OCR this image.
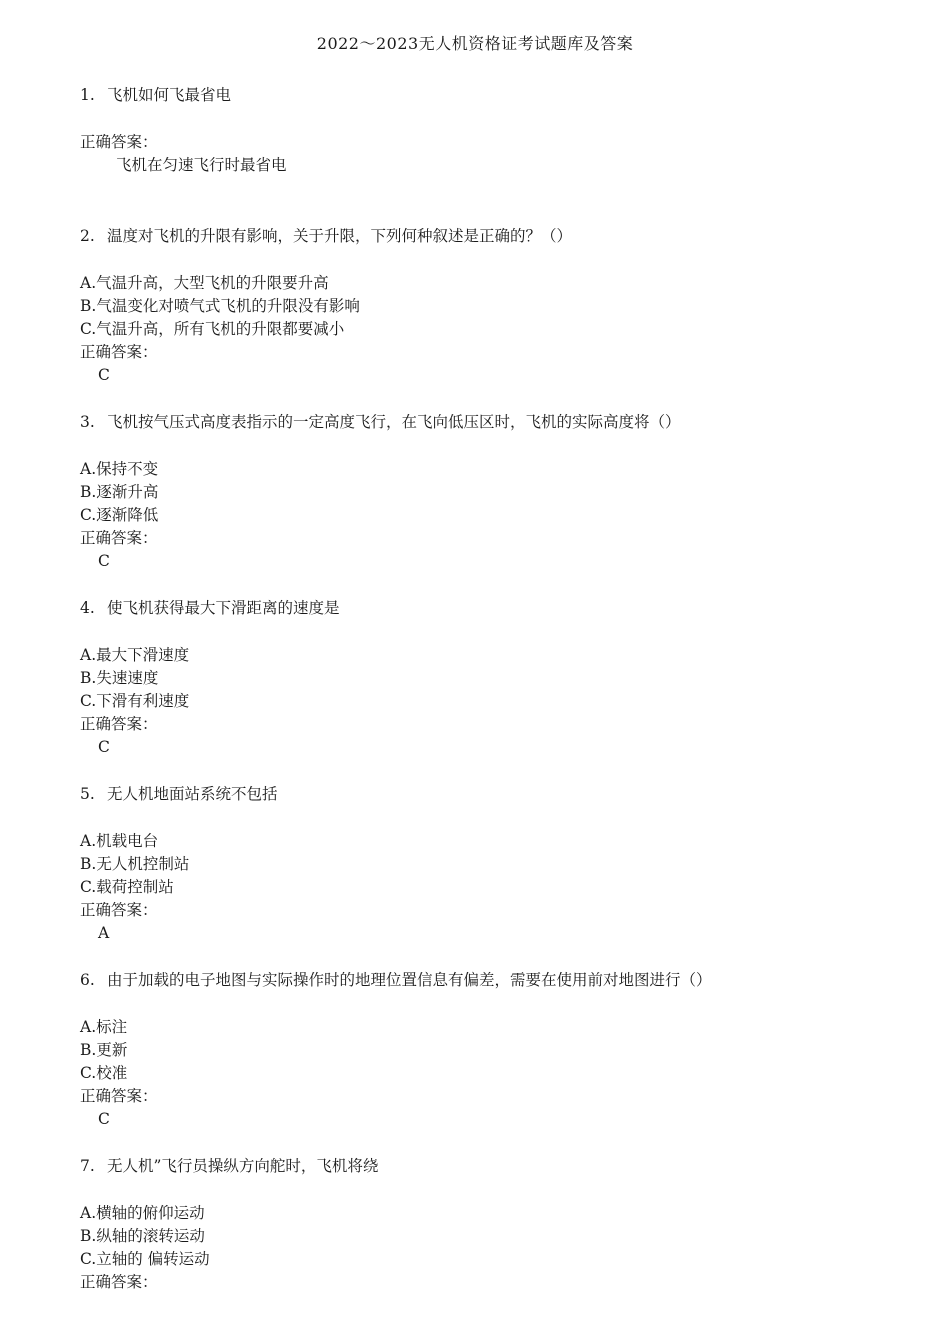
2022～2023无人机资格证考试题库及答案
1. 飞机如何飞最省电
正确答案：
飞机在匀速飞行时最省电
2. 温度对飞机的升限有影响，关于升限，下列何种叙述是正确的？（）
A.气温升高，大型飞机的升限要升高
B.气温变化对喷气式飞机的升限没有影响
C.气温升高，所有飞机的升限都要减小
正确答案：
C
3. 飞机按气压式高度表指示的一定高度飞行，在飞向低压区时，飞机的实际高度将（）
A.保持不变
B.逐渐升高
C.逐渐降低
正确答案：
C
4. 使飞机获得最大下滑距离的速度是
A.最大下滑速度
B.失速速度
C.下滑有利速度
正确答案：
C
5. 无人机地面站系统不包括
A.机载电台
B.无人机控制站
C.载荷控制站
正确答案：
A
6. 由于加载的电子地图与实际操作时的地理位置信息有偏差，需要在使用前对地图进行（）
A.标注
B.更新
C.校准
正确答案：
C
7. 无人机”飞行员操纵方向舵时，飞机将绕
A.横轴的俯仰运动
B.纵轴的滚转运动
C.立轴的 偏转运动
正确答案：
